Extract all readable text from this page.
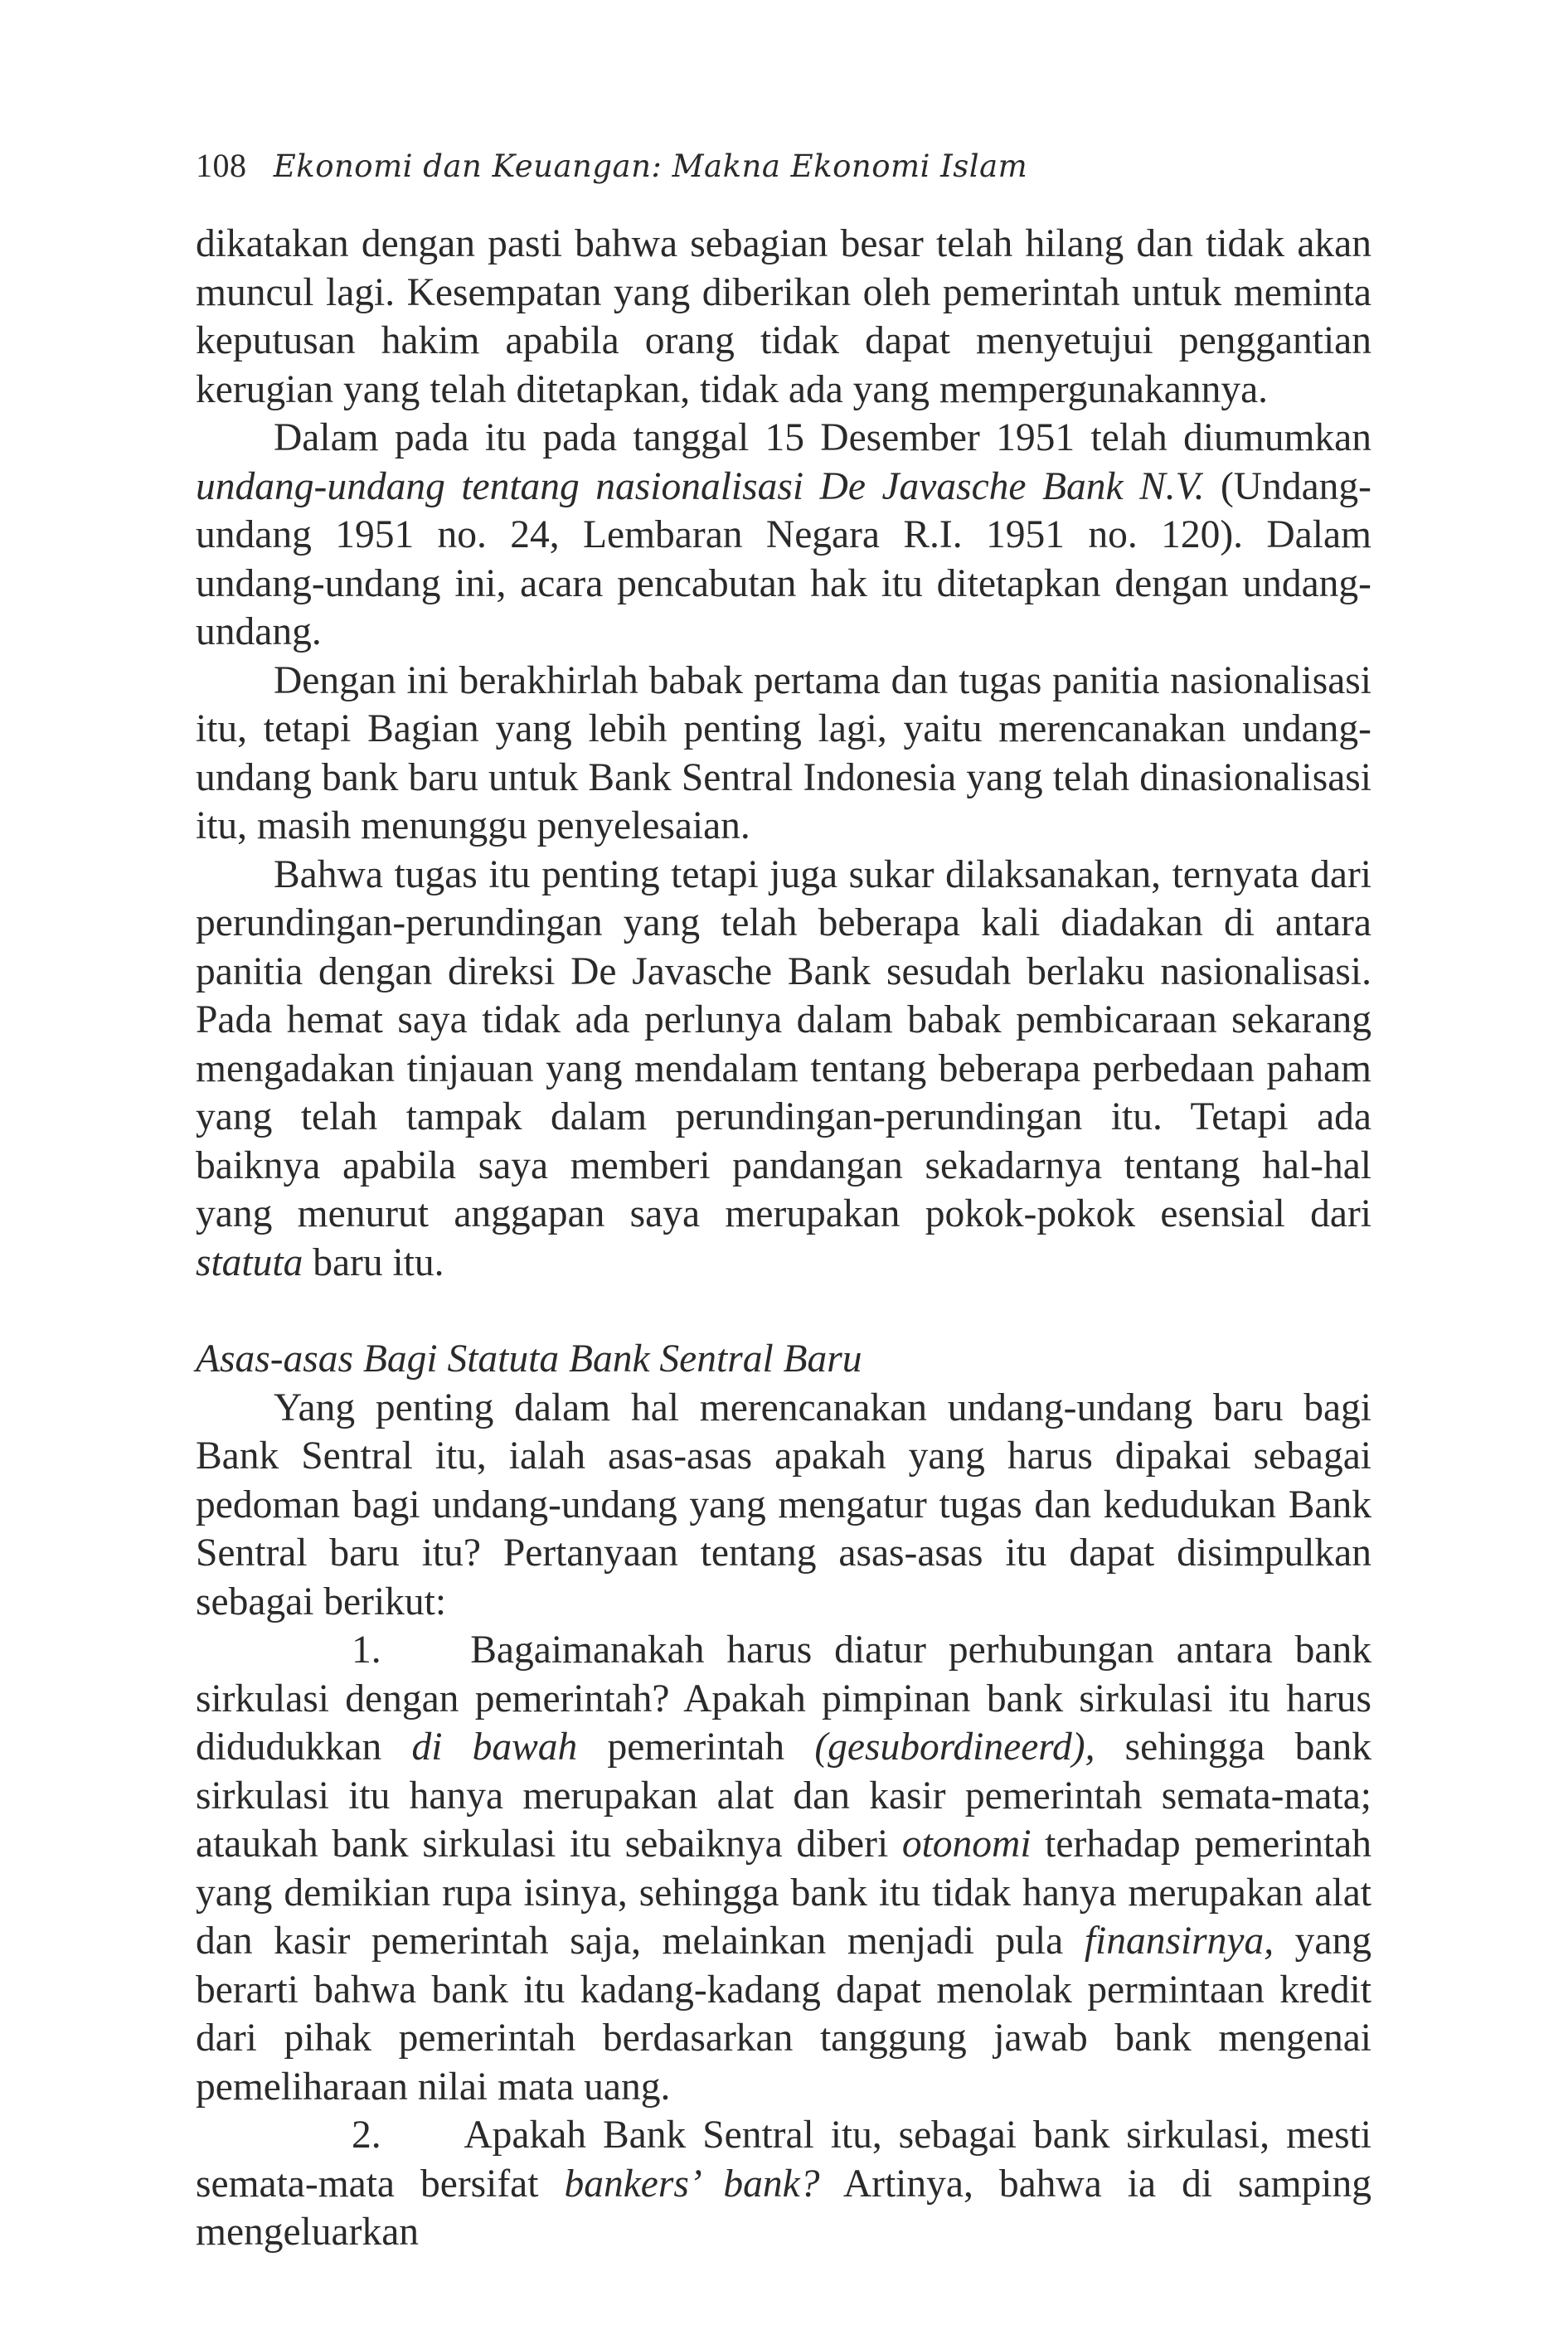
108 Ekonomi dan Keuangan: Makna Ekonomi Islam

dikatakan dengan pasti bahwa sebagian besar telah hilang dan tidak akan muncul lagi. Kesempatan yang diberikan oleh pemerintah untuk meminta keputusan hakim apabila orang tidak dapat menyetujui penggantian kerugian yang telah ditetapkan, tidak ada yang mempergunakannya.

Dalam pada itu pada tanggal 15 Desember 1951 telah diumumkan undang-undang tentang nasionalisasi De Javasche Bank N.V. (Undang-undang 1951 no. 24, Lembaran Negara R.I. 1951 no. 120). Dalam undang-undang ini, acara pencabutan hak itu ditetapkan dengan undang-undang.

Dengan ini berakhirlah babak pertama dan tugas panitia nasionalisasi itu, tetapi Bagian yang lebih penting lagi, yaitu merencanakan undang-undang bank baru untuk Bank Sentral Indonesia yang telah dinasionalisasi itu, masih menunggu penyelesaian.

Bahwa tugas itu penting tetapi juga sukar dilaksanakan, ternyata dari perundingan-perundingan yang telah beberapa kali diadakan di antara panitia dengan direksi De Javasche Bank sesudah berlaku nasionalisasi. Pada hemat saya tidak ada perlunya dalam babak pembicaraan sekarang mengadakan tinjauan yang mendalam tentang beberapa perbedaan paham yang telah tampak dalam perundingan-perundingan itu. Tetapi ada baiknya apabila saya memberi pandangan sekadarnya tentang hal-hal yang menurut anggapan saya merupakan pokok-pokok esensial dari statuta baru itu.

Asas-asas Bagi Statuta Bank Sentral Baru

Yang penting dalam hal merencanakan undang-undang baru bagi Bank Sentral itu, ialah asas-asas apakah yang harus dipakai sebagai pedoman bagi undang-undang yang mengatur tugas dan kedudukan Bank Sentral baru itu? Pertanyaan tentang asas-asas itu dapat disimpulkan sebagai berikut:

1. Bagaimanakah harus diatur perhubungan antara bank sirkulasi dengan pemerintah? Apakah pimpinan bank sirkulasi itu harus didudukkan di bawah pemerintah (gesubordineerd), sehingga bank sirkulasi itu hanya merupakan alat dan kasir pemerintah semata-mata; ataukah bank sirkulasi itu sebaiknya diberi otonomi terhadap pemerintah yang demikian rupa isinya, sehingga bank itu tidak hanya merupakan alat dan kasir pemerintah saja, melainkan menjadi pula finansirnya, yang berarti bahwa bank itu kadang-kadang dapat menolak permintaan kredit dari pihak pemerintah berdasarkan tanggung jawab bank mengenai pemeliharaan nilai mata uang.

2. Apakah Bank Sentral itu, sebagai bank sirkulasi, mesti semata-mata bersifat bankers’ bank? Artinya, bahwa ia di samping mengeluarkan
